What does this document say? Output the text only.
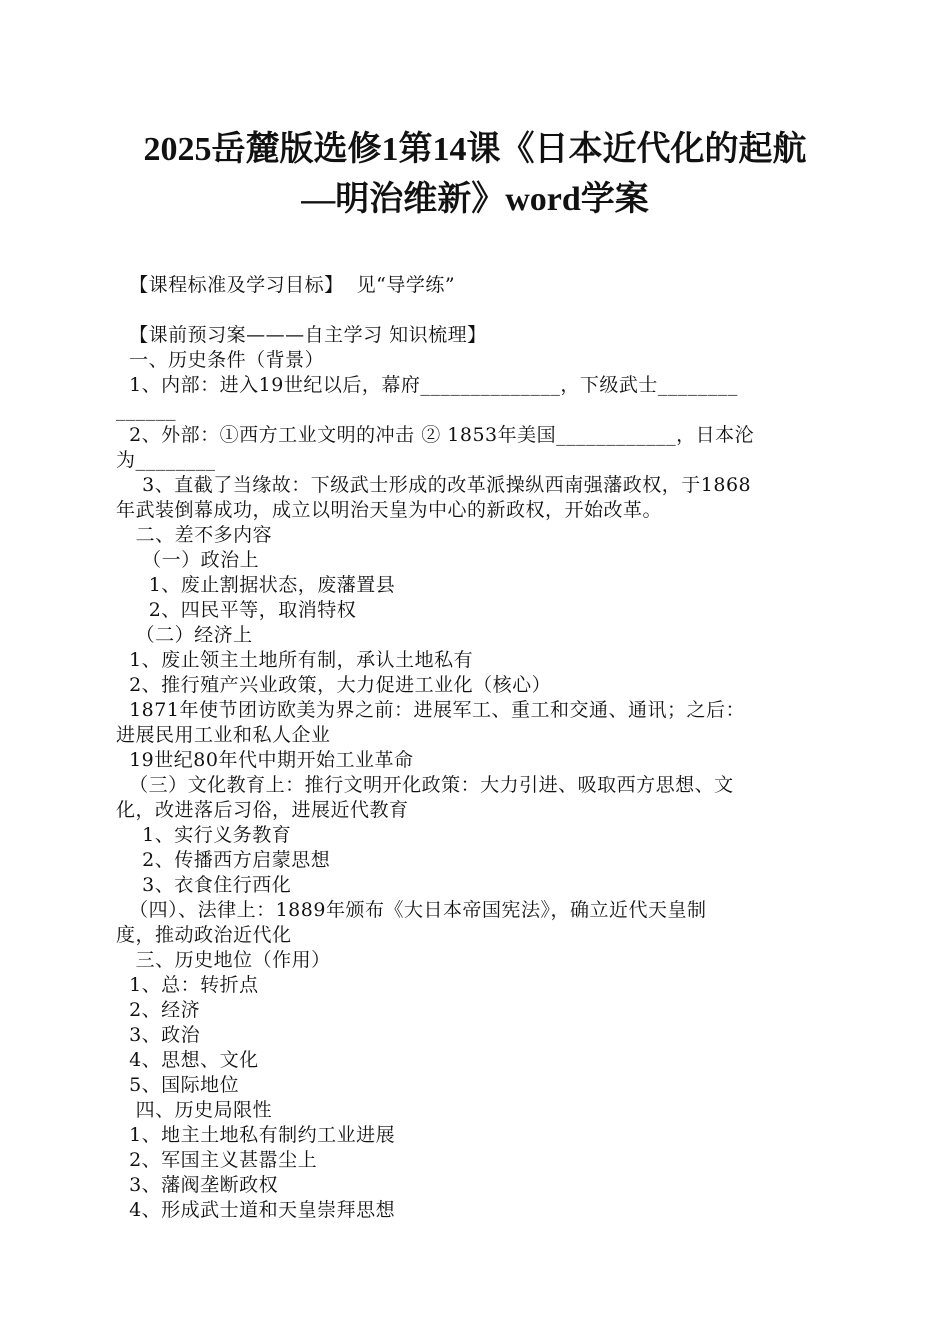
2025岳麓版选修1第14课《日本近代化的起航
—明治维新》word学案

【课程标准及学习目标】  见“导学练”

【课前预习案———自主学习 知识梳理】

一、历史条件（背景）

1、内部：进入19世纪以后，幕府______________，下级武士________

______

2、外部：①西方工业文明的冲击 ② 1853年美国____________，日本沦

为________

3、直截了当缘故：下级武士形成的改革派操纵西南强藩政权，于1868

年武装倒幕成功，成立以明治天皇为中心的新政权，开始改革。

二、差不多内容

（一）政治上

1、废止割据状态，废藩置县

2、四民平等，取消特权

（二）经济上

1、废止领主土地所有制，承认土地私有

2、推行殖产兴业政策，大力促进工业化（核心）

1871年使节团访欧美为界之前：进展军工、重工和交通、通讯；之后：

进展民用工业和私人企业

19世纪80年代中期开始工业革命

（三）文化教育上：推行文明开化政策：大力引进、吸取西方思想、文

化，改进落后习俗，进展近代教育

1、实行义务教育

2、传播西方启蒙思想

3、衣食住行西化

（四）、法律上：1889年颁布《大日本帝国宪法》，确立近代天皇制

度，推动政治近代化

三、历史地位（作用）

1、总：转折点

2、经济

3、政治

4、思想、文化

5、国际地位

四、历史局限性

1、地主土地私有制约工业进展

2、军国主义甚嚣尘上

3、藩阀垄断政权

4、形成武士道和天皇崇拜思想
